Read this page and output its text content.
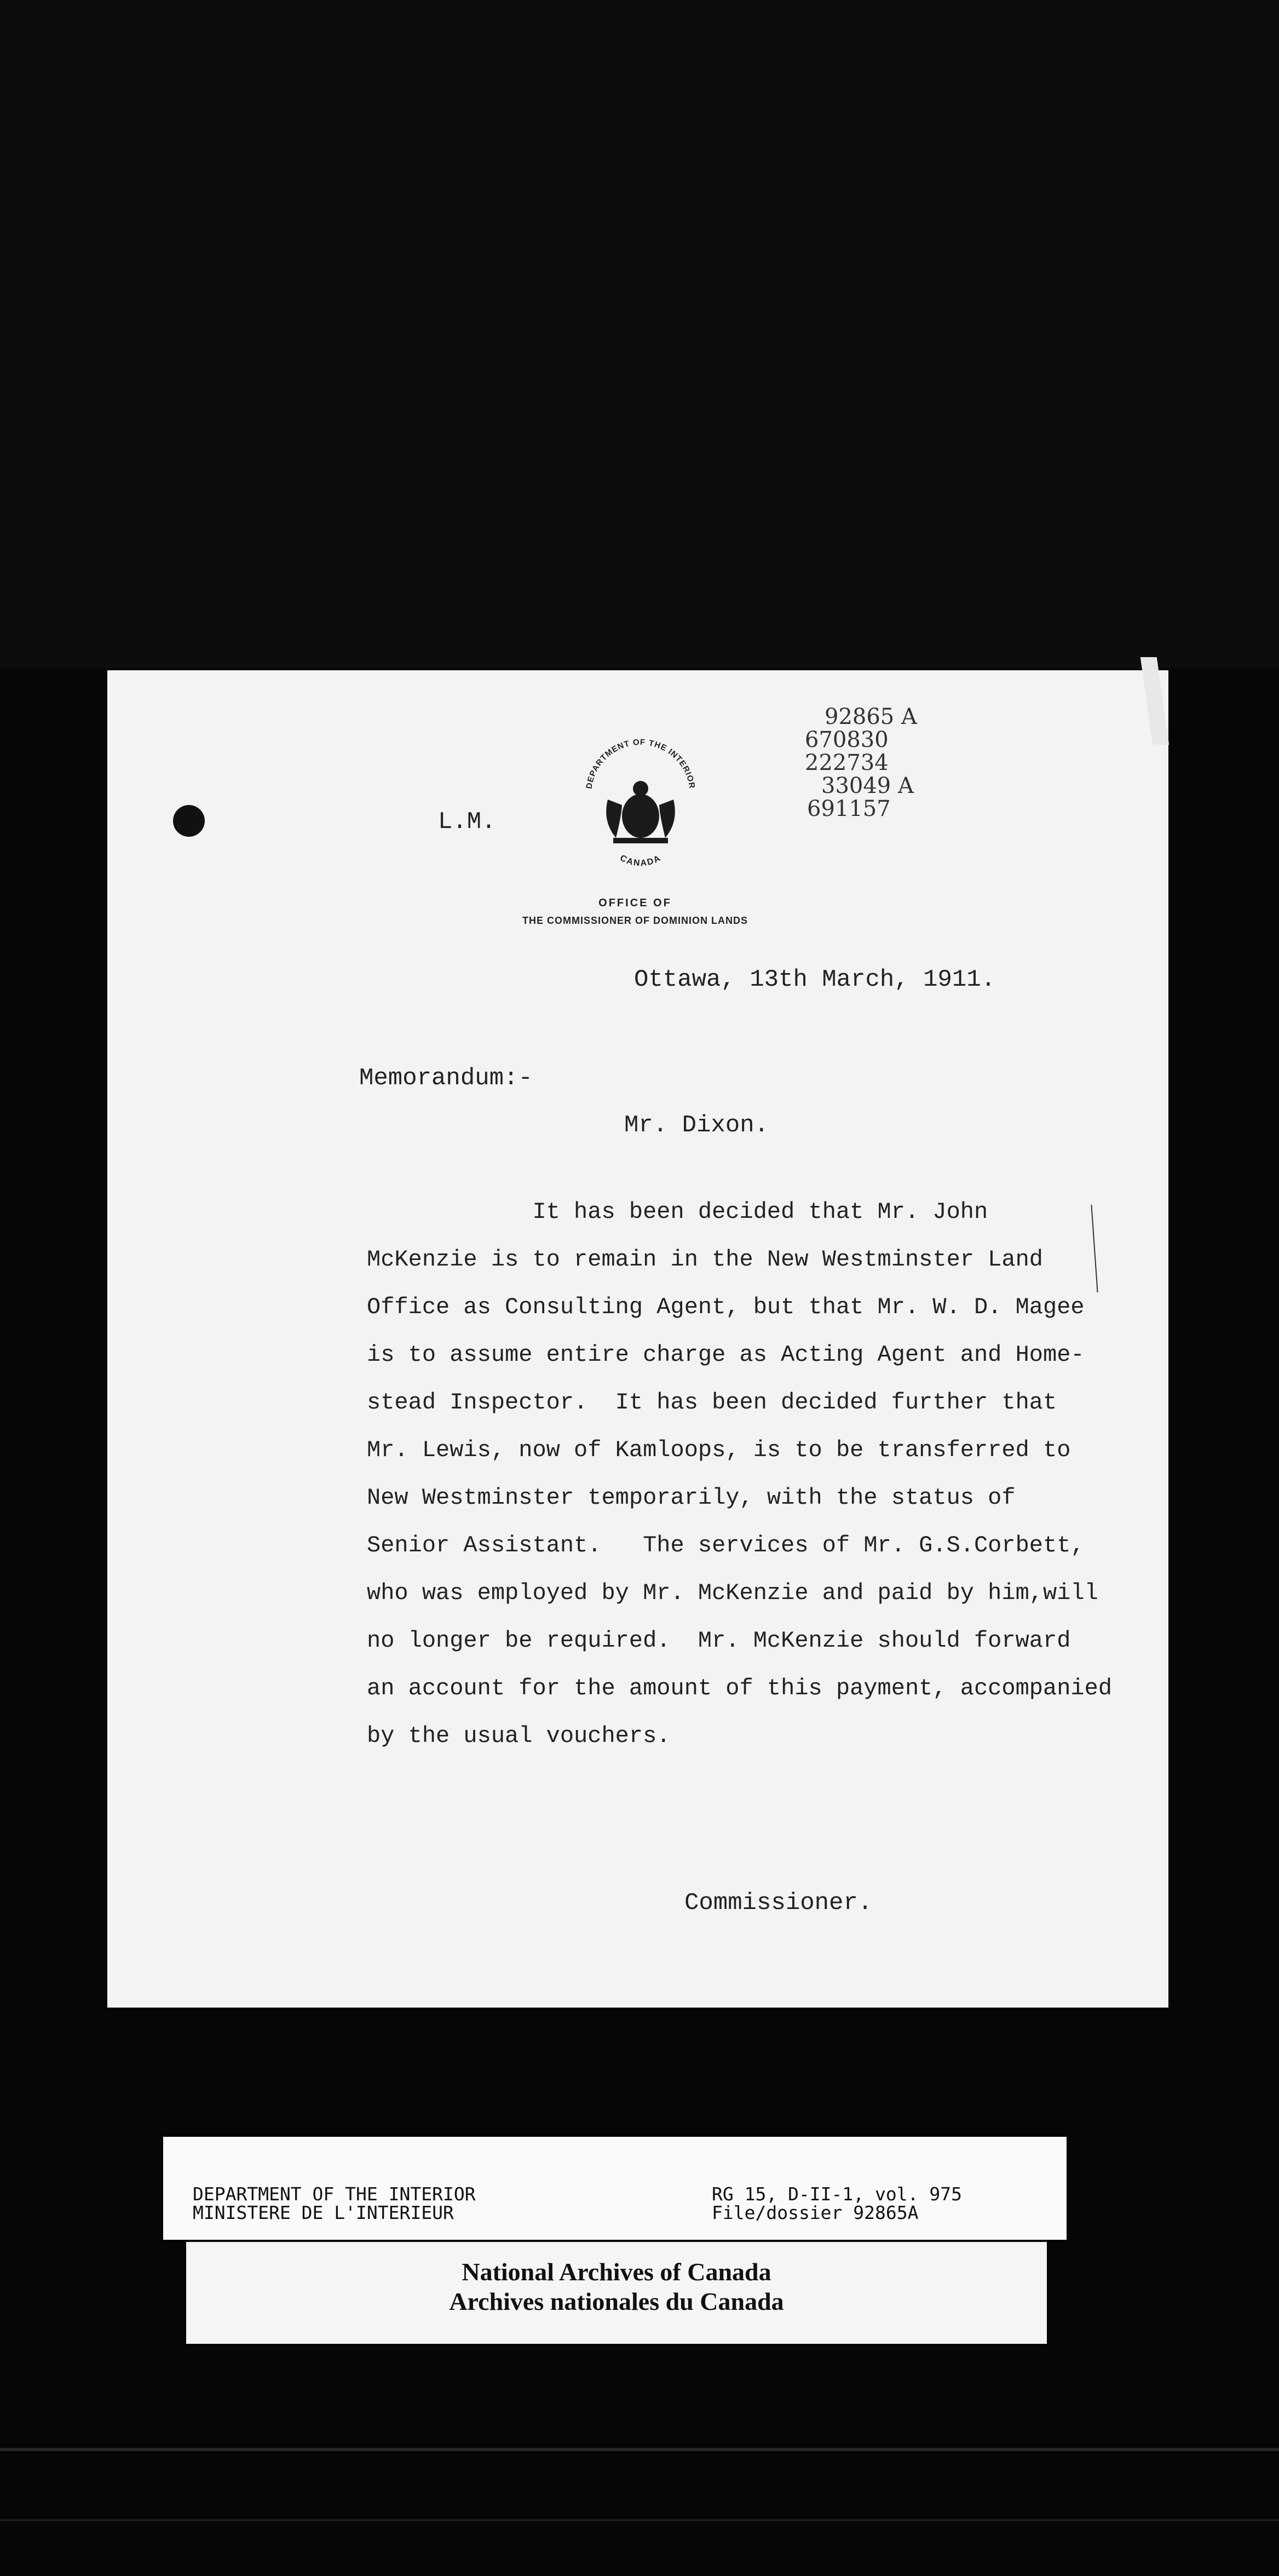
L.M.
DEPARTMENT OF THE INTERIOR
CANADA
OFFICE OF
THE COMMISSIONER OF DOMINION LANDS
92865 A
670830
222734
33049 A
691157
Ottawa, 13th March, 1911.
Memorandum:-
Mr. Dixon.
It has been decided that Mr. John
McKenzie is to remain in the New Westminster Land
Office as Consulting Agent, but that Mr. W. D. Magee
is to assume entire charge as Acting Agent and Home-
stead Inspector.  It has been decided further that
Mr. Lewis, now of Kamloops, is to be transferred to
New Westminster temporarily, with the status of
Senior Assistant.   The services of Mr. G.S.Corbett,
who was employed by Mr. McKenzie and paid by him,will
no longer be required.  Mr. McKenzie should forward
an account for the amount of this payment, accompanied
by the usual vouchers.
Commissioner.
DEPARTMENT OF THE INTERIOR
MINISTERE DE L'INTERIEUR
RG 15, D-II-1, vol. 975
File/dossier 92865A
National Archives of Canada
Archives nationales du Canada
